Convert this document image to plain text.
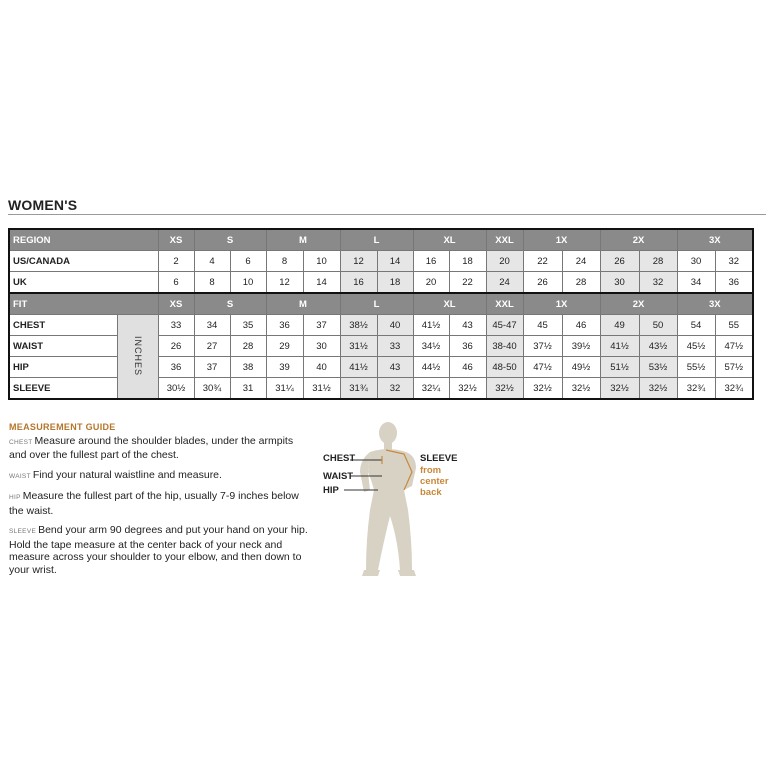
WOMEN'S
REGION		XS	S		M		L		XL		XXL	1X		2X		3X	
US/CANADA		2	4	6	8	10	12	14	16	18	20	22	24	26	28	30	32
UK		6	8	10	12	14	16	18	20	22	24	26	28	30	32	34	36
FIT		XS	S		M		L		XL		XXL	1X		2X		3X	
CHEST	INCHES	33	34	35	36	37	38½	40	41½	43	45-47	45	46	49	50	54	55
WAIST		26	27	28	29	30	31½	33	34½	36	38-40	37½	39½	41½	43½	45½	47½
HIP		36	37	38	39	40	41½	43	44½	46	48-50	47½	49½	51½	53½	55½	57½
SLEEVE		30½	30¾	31	31¼	31½	31¾	32	32¼	32½	32½	32½	32½	32½	32½	32¾	32¾
MEASUREMENT GUIDE

CHEST Measure around the shoulder blades, under the armpits and over the fullest part of the chest.

WAIST Find your natural waistline and measure.

HIP Measure the fullest part of the hip, usually 7-9 inches below the waist.

SLEEVE Bend your arm 90 degrees and put your hand on your hip. Hold the tape measure at the center back of your neck and measure across your shoulder to your elbow, and then down to your wrist.

CHEST
WAIST
HIP
SLEEVE
from
center
back
